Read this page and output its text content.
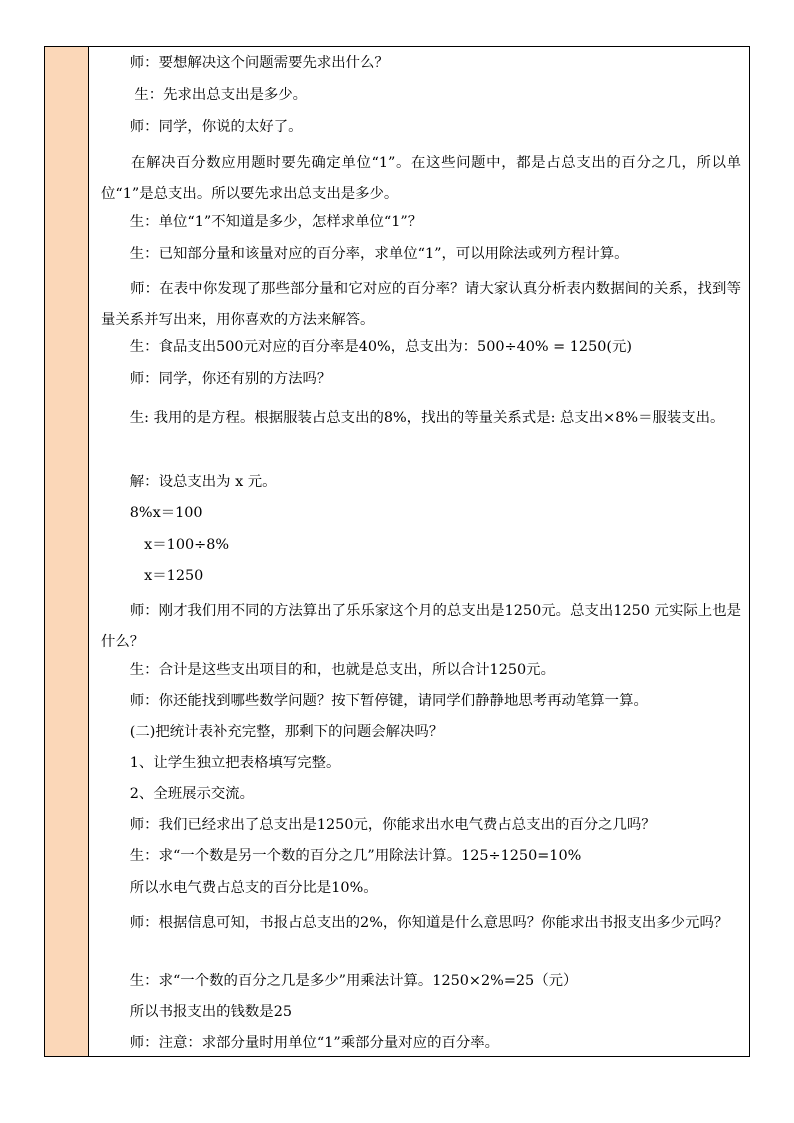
　　师：要想解决这个问题需要先求出什么？
　　 生：先求出总支出是多少。
　　师：同学，你说的太好了。
　　在解决百分数应用题时要先确定单位“1”。在这些问题中，都是占总支出的百分之几，所以单位“1”是总支出。所以要先求出总支出是多少。
　　生：单位“1”不知道是多少，怎样求单位“1”？
　　生：已知部分量和该量对应的百分率，求单位“1”，可以用除法或列方程计算。
　　师：在表中你发现了那些部分量和它对应的百分率？请大家认真分析表内数据间的关系，找到等量关系并写出来，用你喜欢的方法来解答。
　　生：食品支出500元对应的百分率是40%，总支出为：500÷40% = 1250(元)
　　师：同学，你还有别的方法吗？
　　生: 我用的是方程。根据服装占总支出的8%，找出的等量关系式是: 总支出×8%＝服装支出。
　　解：设总支出为 x 元。
　　8%x＝100
　　　x＝100÷8%
　　　x＝1250
　　师：刚才我们用不同的方法算出了乐乐家这个月的总支出是1250元。总支出1250 元实际上也是什么？
　　生：合计是这些支出项目的和，也就是总支出，所以合计1250元。
　　师：你还能找到哪些数学问题？按下暂停键，请同学们静静地思考再动笔算一算。
　　(二)把统计表补充完整，那剩下的问题会解决吗？
　　1、让学生独立把表格填写完整。
　　2、全班展示交流。
　　师：我们已经求出了总支出是1250元，你能求出水电气费占总支出的百分之几吗？
　　生：求“一个数是另一个数的百分之几”用除法计算。125÷1250=10%
　　所以水电气费占总支的百分比是10%。
　　师：根据信息可知，书报占总支出的2%，你知道是什么意思吗？你能求出书报支出多少元吗？
　　生：求“一个数的百分之几是多少”用乘法计算。1250×2%=25（元）
　　所以书报支出的钱数是25
　　师：注意：求部分量时用单位“1”乘部分量对应的百分率。
